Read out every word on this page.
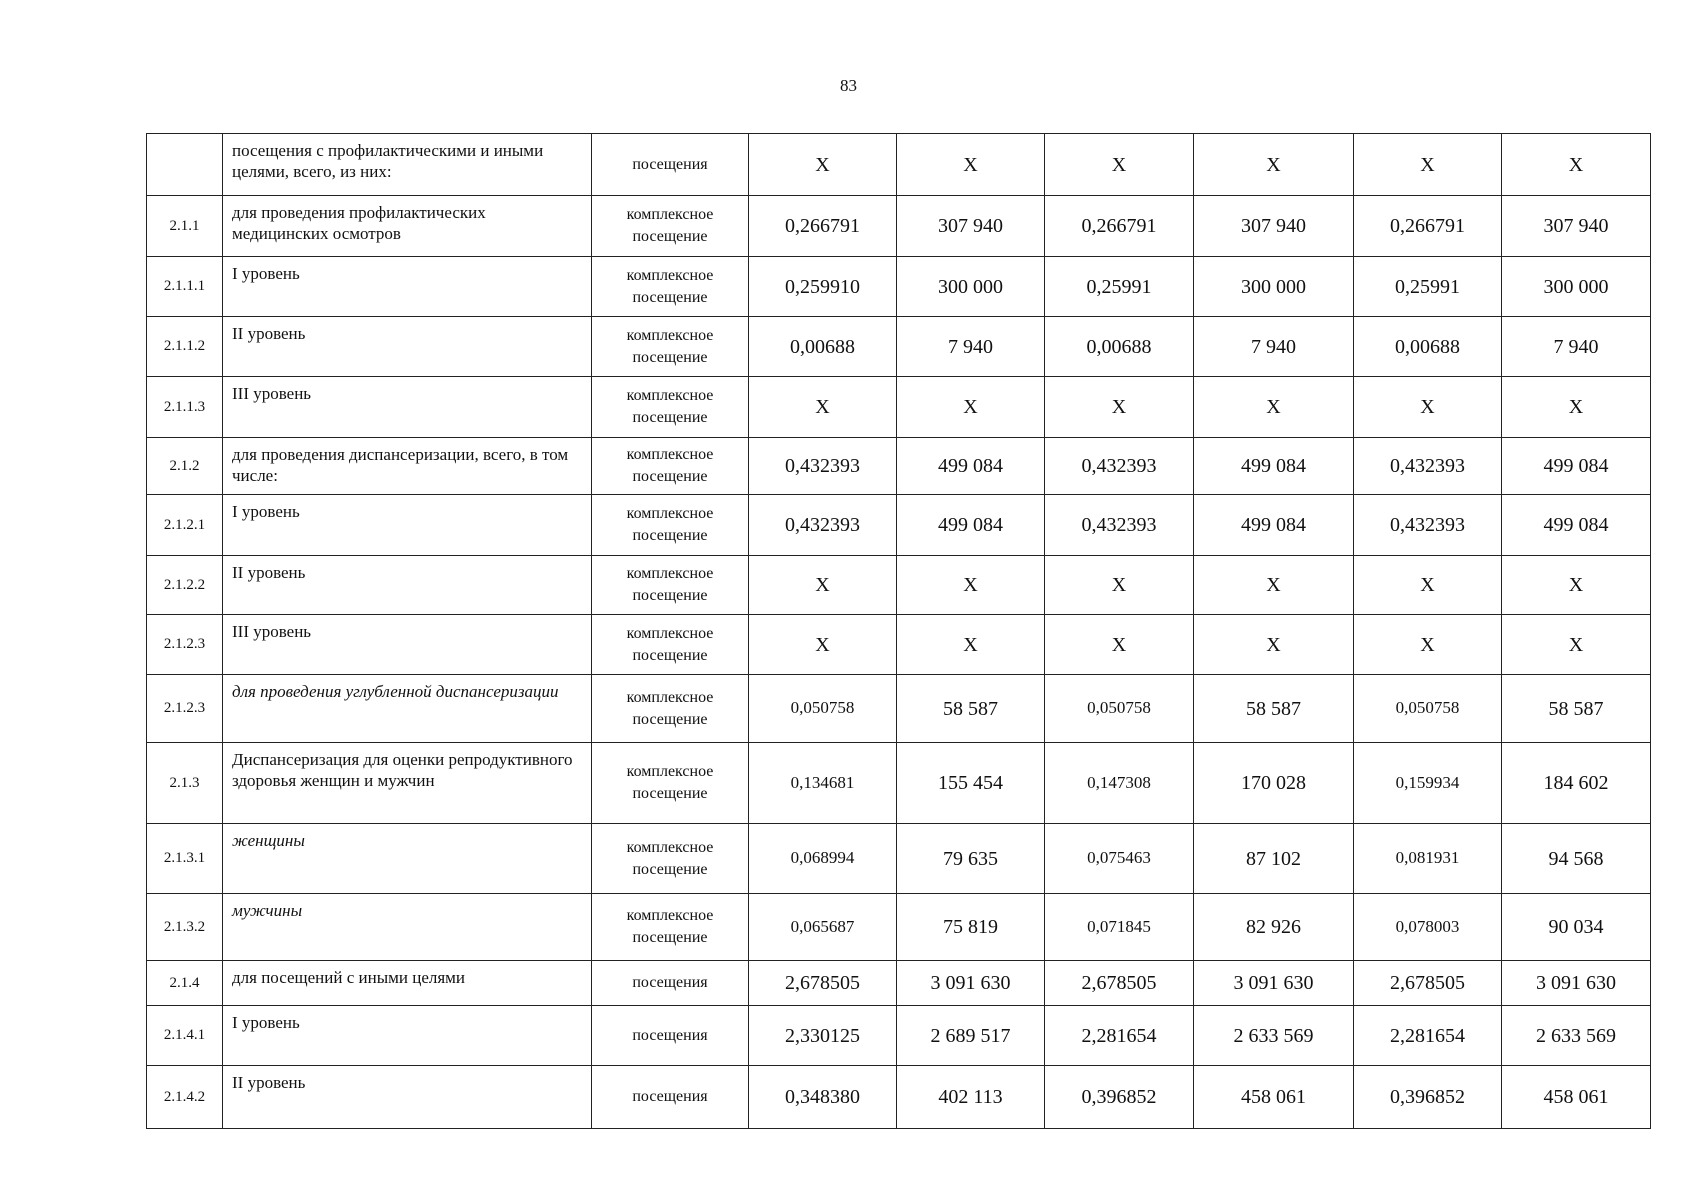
83
	посещения с профилактическими и иными целями, всего, из них:	посещения	Х	Х	Х	Х	Х	Х
2.1.1	для проведения профилактических медицинских осмотров	комплексное посещение	0,266791	307 940	0,266791	307 940	0,266791	307 940
2.1.1.1	I уровень	комплексное посещение	0,259910	300 000	0,25991	300 000	0,25991	300 000
2.1.1.2	II уровень	комплексное посещение	0,00688	7 940	0,00688	7 940	0,00688	7 940
2.1.1.3	III уровень	комплексное посещение	Х	Х	Х	Х	Х	Х
2.1.2	для проведения диспансеризации, всего, в том числе:	комплексное посещение	0,432393	499 084	0,432393	499 084	0,432393	499 084
2.1.2.1	I уровень	комплексное посещение	0,432393	499 084	0,432393	499 084	0,432393	499 084
2.1.2.2	II уровень	комплексное посещение	Х	Х	Х	Х	Х	Х
2.1.2.3	III уровень	комплексное посещение	Х	Х	Х	Х	Х	Х
2.1.2.3	для проведения углубленной диспансеризации	комплексное посещение	0,050758	58 587	0,050758	58 587	0,050758	58 587
2.1.3	Диспансеризация для оценки репродуктивного здоровья женщин и мужчин	комплексное посещение	0,134681	155 454	0,147308	170 028	0,159934	184 602
2.1.3.1	женщины	комплексное посещение	0,068994	79 635	0,075463	87 102	0,081931	94 568
2.1.3.2	мужчины	комплексное посещение	0,065687	75 819	0,071845	82 926	0,078003	90 034
2.1.4	для посещений с иными целями	посещения	2,678505	3 091 630	2,678505	3 091 630	2,678505	3 091 630
2.1.4.1	I уровень	посещения	2,330125	2 689 517	2,281654	2 633 569	2,281654	2 633 569
2.1.4.2	II уровень	посещения	0,348380	402 113	0,396852	458 061	0,396852	458 061
